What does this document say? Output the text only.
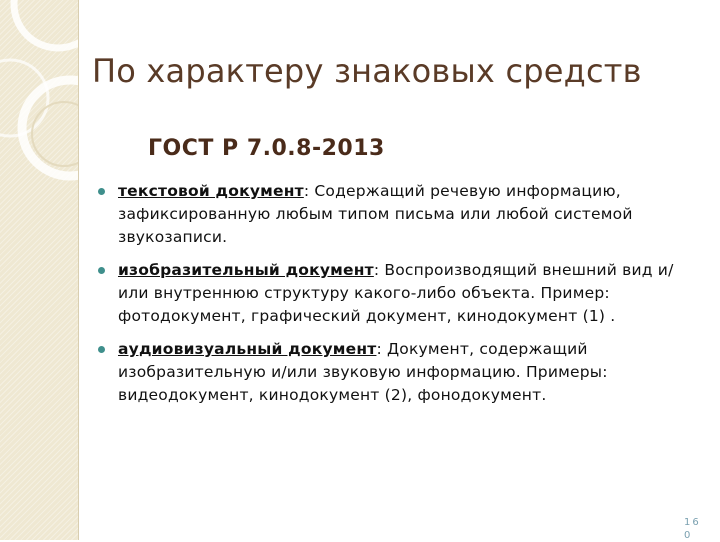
По характеру знаковых средств
ГОСТ Р 7.0.8-2013
текстовой документ: Содержащий речевую информацию, зафиксированную любым типом письма или любой системой звукозаписи.
изобразительный документ: Воспроизводящий внешний вид и/или внутреннюю структуру какого-либо объекта. Пример: фотодокумент, графический документ, кинодокумент (1) .
аудиовизуальный документ: Документ, содержащий изобразительную и/или звуковую информацию. Примеры: видеодокумент, кинодокумент (2), фонодокумент.
160
